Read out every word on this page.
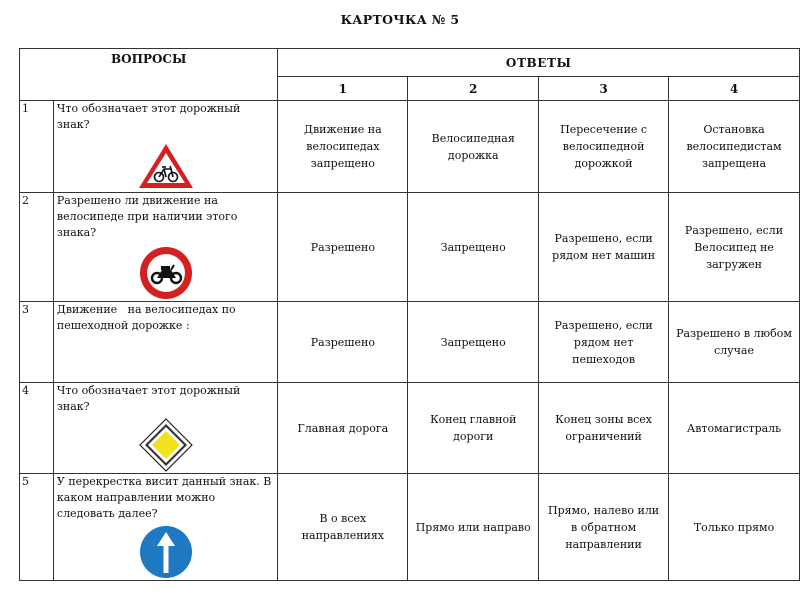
КАРТОЧКА № 5
ВОПРОСЫ		ОТВЕТЫ			
		1	2	3	4
1	Что обозначает этот дорожный знак?	Движение на велосипедах запрещено	Велосипедная дорожка	Пересечение с велосипедной дорожкой	Остановка велосипедистам запрещена
2	Разрешено ли движение на велосипеде при наличии этого знака?	Разрешено	Запрещено	Разрешено, если рядом нет машин	Разрешено, если Велосипед не загружен
3	Движение   на велосипедах по пешеходной дорожке :	Разрешено	Запрещено	Разрешено, если рядом нет пешеходов	Разрешено в любом случае
4	Что обозначает этот дорожный знак?	Главная дорога	Конец главной дороги	Конец зоны всех ограничений	Автомагистраль
5	У перекрестка висит данный знак. В каком направлении можно следовать далее?	В о всех направлениях	Прямо или направо	Прямо, налево или в обратном направлении	Только прямо
